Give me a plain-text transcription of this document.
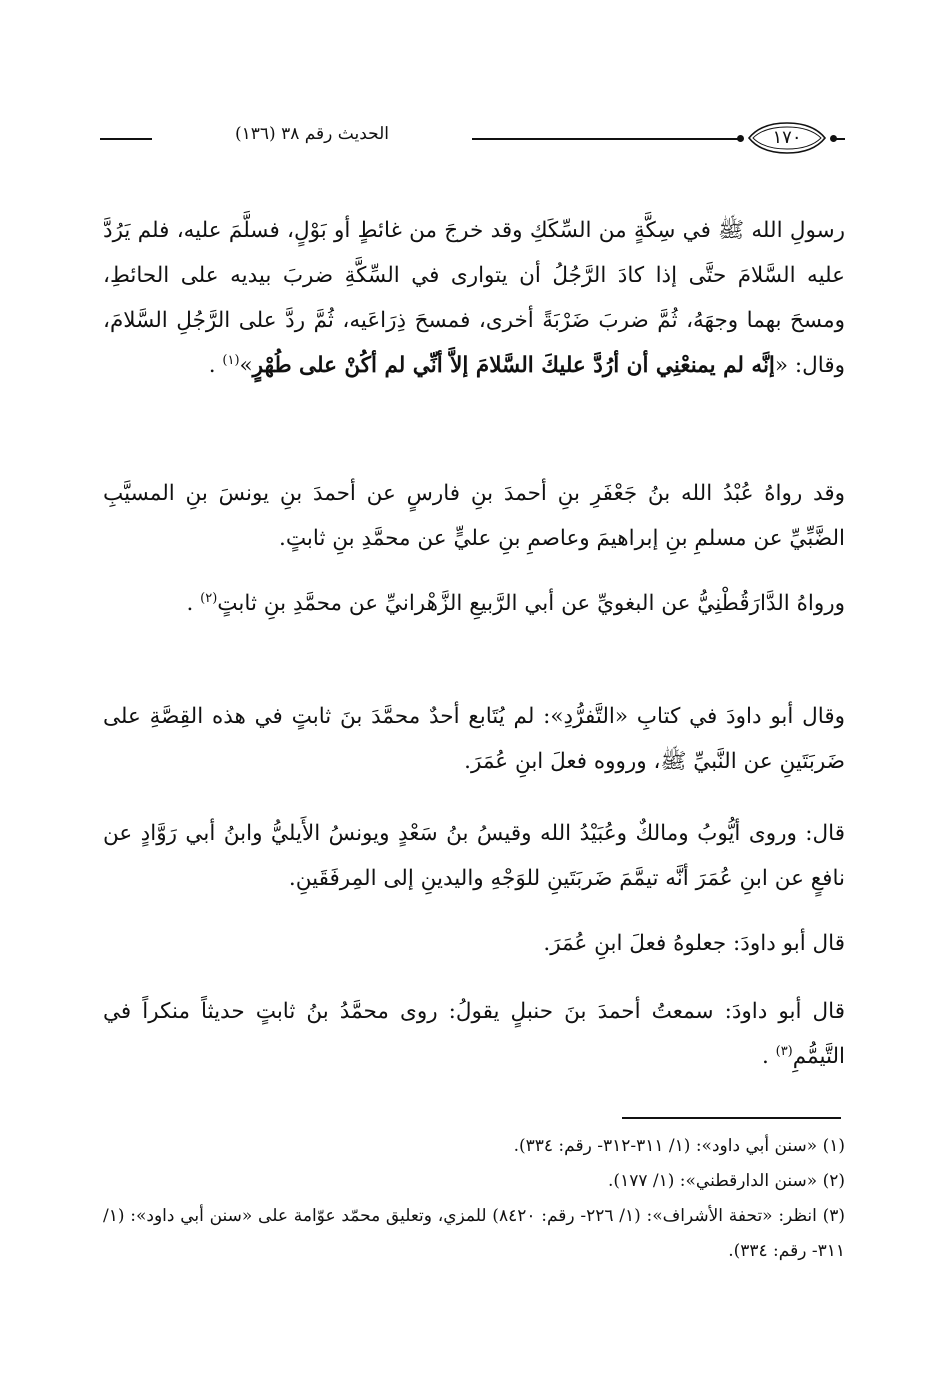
الحديث رقم ٣٨ (١٣٦)	١٧٠

رسولِ الله ﷺ في سِكَّةٍ من السِّكَكِ وقد خرجَ من غائطٍ أو بَوْلٍ، فسلَّمَ عليه، فلم يَرُدَّ عليه السَّلامَ حتَّى إذا كادَ الرَّجُلُ أن يتوارى في السِّكَّةِ ضربَ بيديه على الحائطِ، ومسحَ بهما وجهَهُ، ثُمَّ ضربَ ضَرْبَةً أخرى، فمسحَ ذِرَاعَيه، ثُمَّ ردَّ على الرَّجُلِ السَّلامَ، وقال: «إنَّه لم يمنعْنِي أن أرُدَّ عليكَ السَّلامَ إلاَّ أنِّي لم أكُنْ على طُهْرٍ»$^{(١)}$ .

وقد رواهُ عُبْدُ الله بنُ جَعْفَرِ بنِ أحمدَ بنِ فارسٍ عن أحمدَ بنِ يونسَ بنِ المسيَّبِ الضَّبِّيِّ عن مسلمِ بنِ إبراهيمَ وعاصمِ بنِ عليٍّ عن محمَّدِ بنِ ثابتٍ.

ورواهُ الدَّارَقُطْنِيُّ عن البغويِّ عن أبي الرَّبيعِ الزَّهْرانيِّ عن محمَّدِ بنِ ثابتٍ$^{(٢)}$ .

وقال أبو داودَ في كتابِ «التَّفرُّدِ»: لم يُتَابع أحدٌ محمَّدَ بنَ ثابتٍ في هذه القِصَّةِ على ضَربَتَينِ عن النَّبيِّ ﷺ، ورووه فعلَ ابنِ عُمَرَ.

قال: وروى أيُّوبُ ومالكٌ وعُبَيْدُ الله وقيسُ بنُ سَعْدٍ ويونسُ الأَيليُّ وابنُ أبي رَوَّادٍ عن نافعٍ عن ابنِ عُمَرَ أنَّه تيمَّمَ ضَربَتَينِ للوَجْهِ واليدينِ إلى المِرفَقَينِ.

قال أبو داودَ: جعلوهُ فعلَ ابنِ عُمَرَ.

قال أبو داودَ: سمعتُ أحمدَ بنَ حنبلٍ يقولُ: روى محمَّدُ بنُ ثابتٍ حديثاً منكراً في التَّيمُّمِ$^{(٣)}$ .

(١) «سنن أبي داود»: (١/ ٣١١-٣١٢- رقم: ٣٣٤).

(٢) «سنن الدارقطني»: (١/ ١٧٧).

(٣) انظر: «تحفة الأشراف»: (١/ ٢٢٦- رقم: ٨٤٢٠) للمزي، وتعليق محمّد عوّامة على «سنن أبي داود»: (١/ ٣١١- رقم: ٣٣٤).
